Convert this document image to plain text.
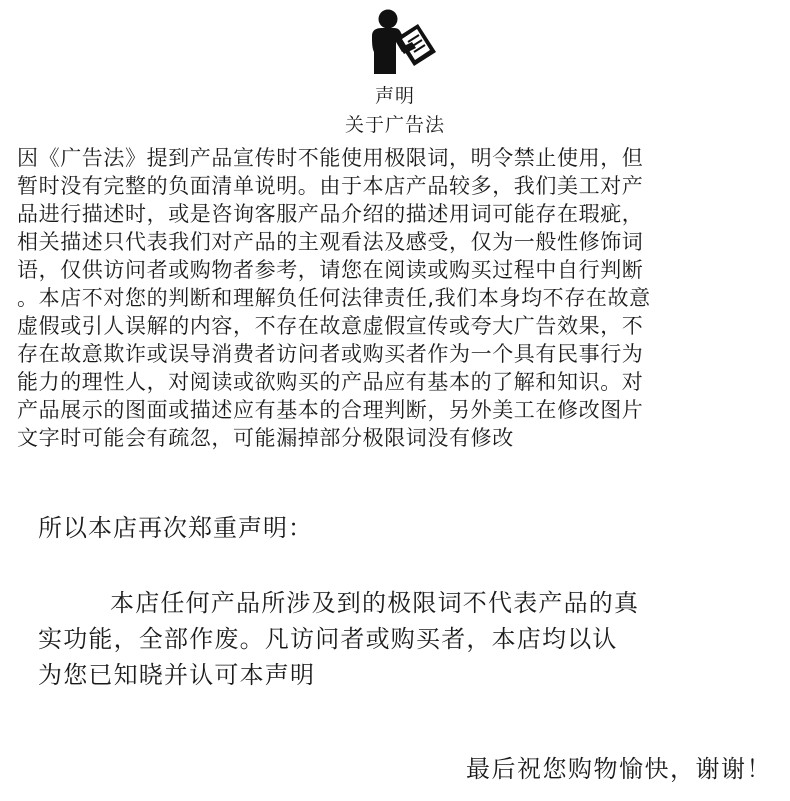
声明
关于广告法

因《广告法》提到产品宣传时不能使用极限词，明令禁止使用，但
暂时没有完整的负面清单说明。由于本店产品较多，我们美工对产
品进行描述时，或是咨询客服产品介绍的描述用词可能存在瑕疵，
相关描述只代表我们对产品的主观看法及感受，仅为一般性修饰词
语，仅供访问者或购物者参考，请您在阅读或购买过程中自行判断
。本店不对您的判断和理解负任何法律责任,我们本身均不存在故意
虚假或引人误解的内容，不存在故意虚假宣传或夸大广告效果，不
存在故意欺诈或误导消费者访问者或购买者作为一个具有民事行为
能力的理性人，对阅读或欲购买的产品应有基本的了解和知识。对
产品展示的图面或描述应有基本的合理判断，另外美工在修改图片
文字时可能会有疏忽，可能漏掉部分极限词没有修改

所以本店再次郑重声明：

本店任何产品所涉及到的极限词不代表产品的真
实功能，全部作废。凡访问者或购买者，本店均以认
为您已知晓并认可本声明

最后祝您购物愉快，谢谢！
